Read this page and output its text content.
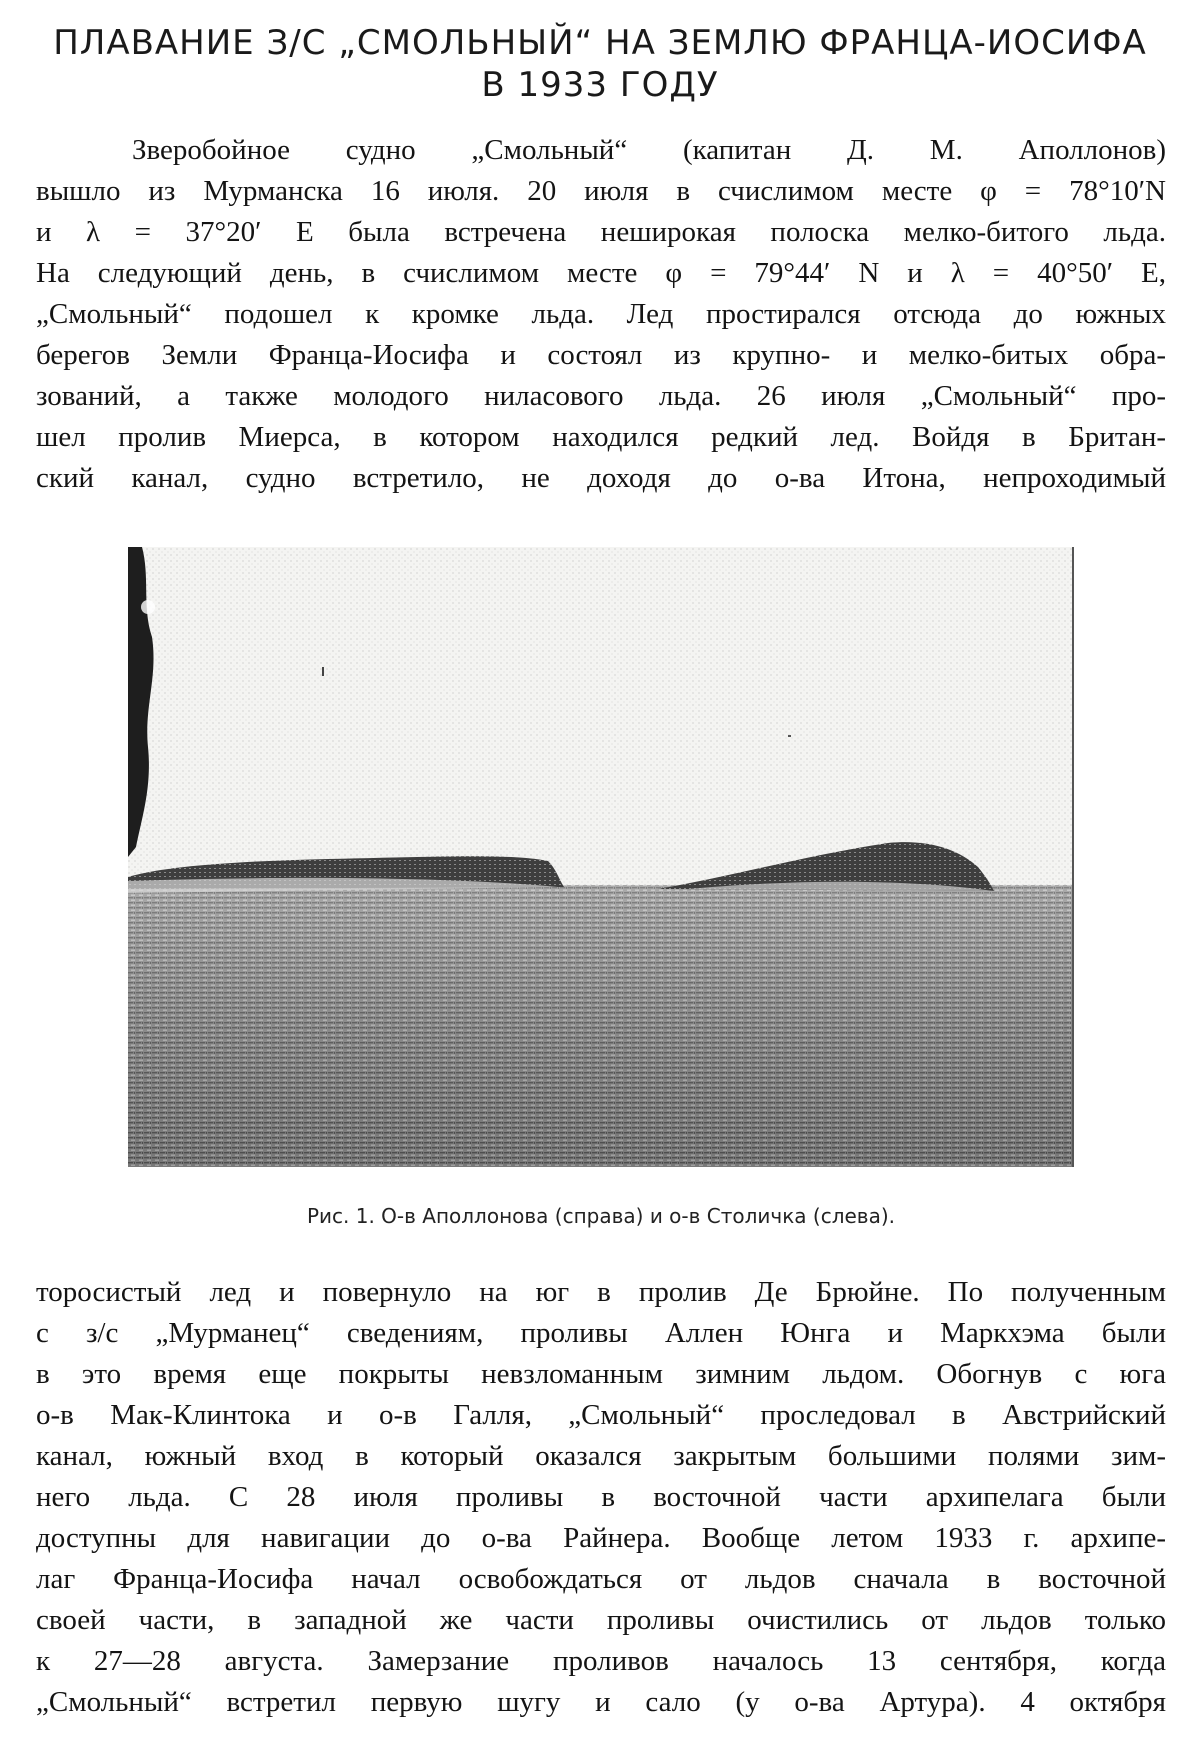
ПЛАВАНИЕ З/С „СМОЛЬНЫЙ“ НА ЗЕМЛЮ ФРАНЦА-ИОСИФА
В 1933 ГОДУ
Зверобойное судно „Смольный“ (капитан Д. М. Аполлонов)
вышло из Мурманска 16 июля. 20 июля в счислимом месте φ = 78°10′N
и λ = 37°20′ E была встречена неширокая полоска мелко-битого льда.
На следующий день, в счислимом месте φ = 79°44′ N и λ = 40°50′ E,
„Смольный“ подошел к кромке льда. Лед простирался отсюда до южных
берегов Земли Франца-Иосифа и состоял из крупно- и мелко-битых обра-
зований, а также молодого ниласового льда. 26 июля „Смольный“ про-
шел пролив Миерса, в котором находился редкий лед. Войдя в Британ-
ский канал, судно встретило, не доходя до о-ва Итона, непроходимый
Рис. 1. О-в Аполлонова (справа) и о-в Столичка (слева).
торосистый лед и повернуло на юг в пролив Де Брюйне. По полученным
с з/с „Мурманец“ сведениям, проливы Аллен Юнга и Маркхэма были
в это время еще покрыты невзломанным зимним льдом. Обогнув с юга
о-в Мак-Клинтока и о-в Галля, „Смольный“ проследовал в Австрийский
канал, южный вход в который оказался закрытым большими полями зим-
него льда. С 28 июля проливы в восточной части архипелага были
доступны для навигации до о-ва Райнера. Вообще летом 1933 г. архипе-
лаг Франца-Иосифа начал освобождаться от льдов сначала в восточной
своей части, в западной же части проливы очистились от льдов только
к 27—28 августа. Замерзание проливов началось 13 сентября, когда
„Смольный“ встретил первую шугу и сало (у о-ва Артура). 4 октября
